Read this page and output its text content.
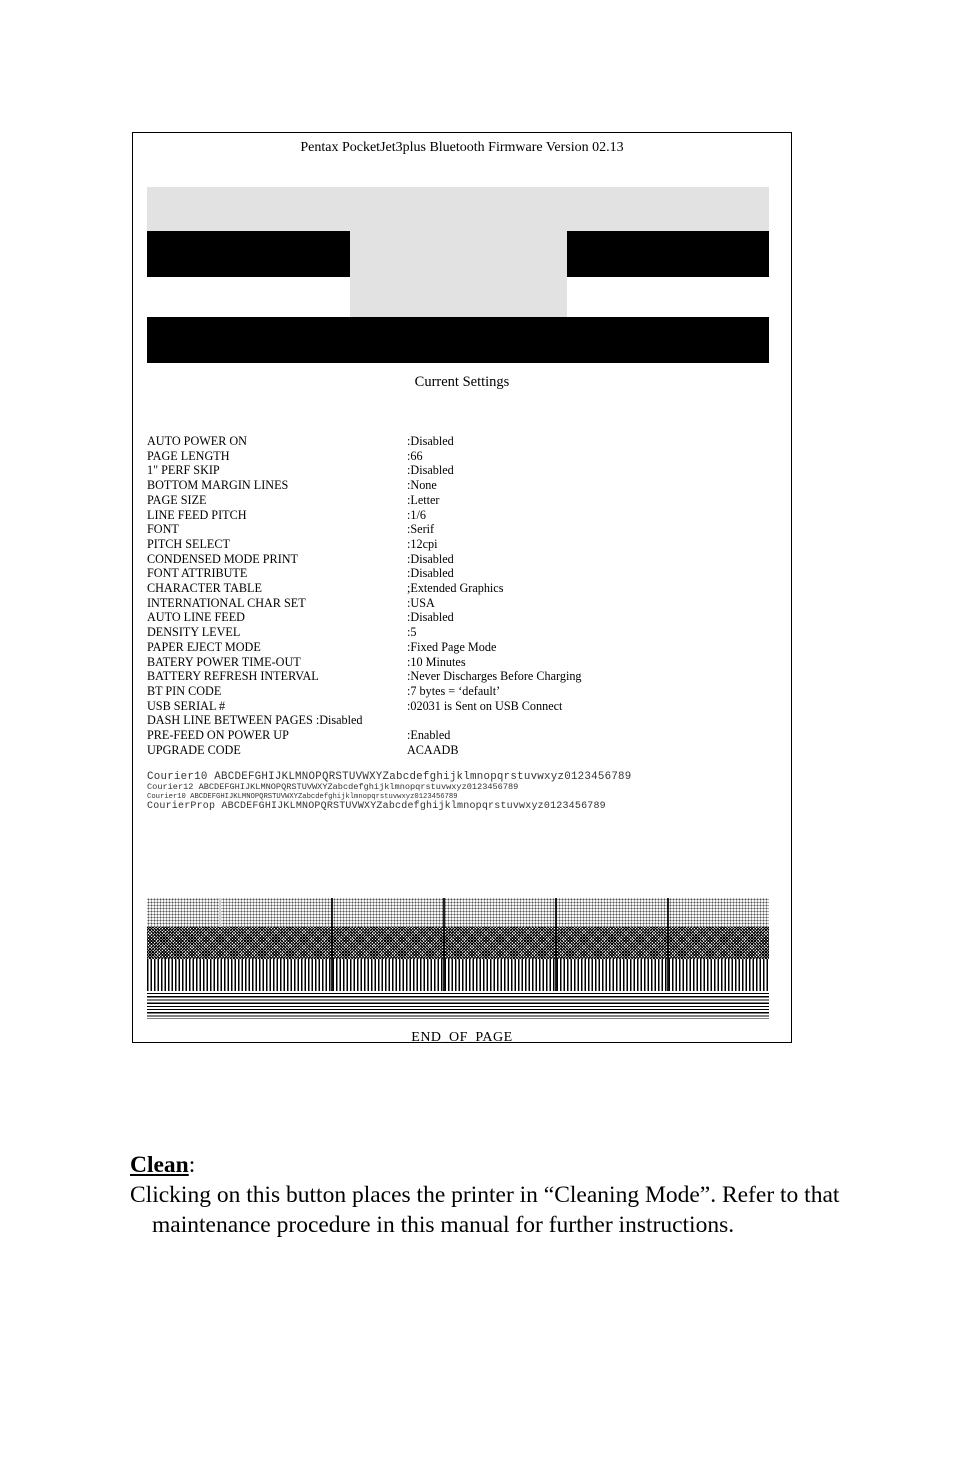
Pentax PocketJet3plus Bluetooth Firmware Version 02.13
Current Settings
AUTO POWER ON	:Disabled
PAGE LENGTH	:66
1" PERF SKIP	:Disabled
BOTTOM MARGIN LINES	:None
PAGE SIZE	:Letter
LINE FEED PITCH	:1/6
FONT	:Serif
PITCH SELECT	:12cpi
CONDENSED MODE PRINT	:Disabled
FONT ATTRIBUTE	:Disabled
CHARACTER TABLE	;Extended Graphics
INTERNATIONAL CHAR SET	:USA
AUTO LINE FEED	:Disabled
DENSITY LEVEL	:5
PAPER EJECT MODE	:Fixed Page Mode
BATERY POWER TIME-OUT	:10 Minutes
BATTERY REFRESH INTERVAL	:Never Discharges Before Charging
BT PIN CODE	:7 bytes = ‘default’
USB SERIAL #	:02031 is Sent on USB Connect
DASH LINE BETWEEN PAGES :Disabled
PRE-FEED ON POWER UP	:Enabled
UPGRADE CODE	ACAADB
Courier10 ABCDEFGHIJKLMNOPQRSTUVWXYZabcdefghijklmnopqrstuvwxyz0123456789
Courier12 ABCDEFGHIJKLMNOPQRSTUVWXYZabcdefghijklmnopqrstuvwxyz0123456789
Courier10 ABCDEFGHIJKLMNOPQRSTUVWXYZabcdefghijklmnopqrstuvwxyz0123456789
CourierProp ABCDEFGHIJKLMNOPQRSTUVWXYZabcdefghijklmnopqrstuvwxyz0123456789
END_OF_PAGE
Clean:

Clicking on this button places the printer in “Cleaning Mode”. Refer to that maintenance procedure in this manual for further instructions.
